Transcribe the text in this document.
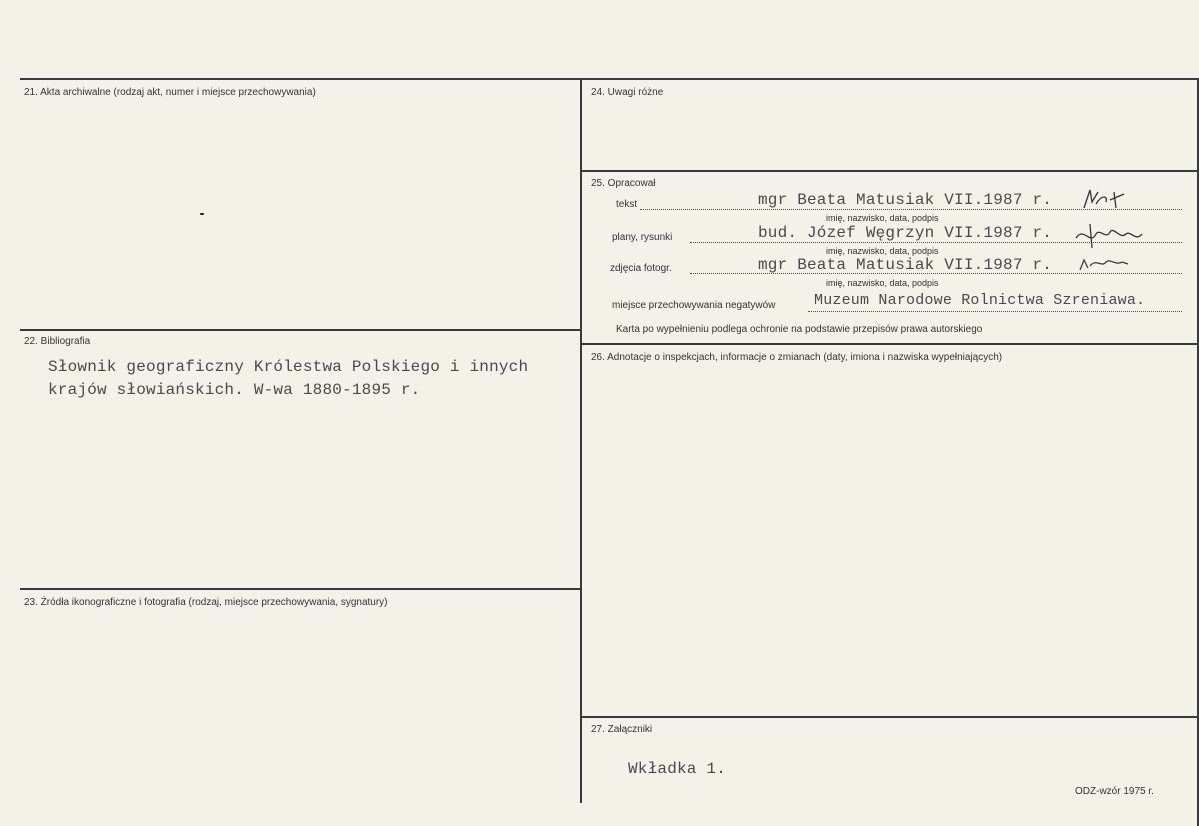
21. Akta archiwalne (rodzaj akt, numer i miejsce przechowywania)
22. Bibliografia
Słownik geograficzny Królestwa Polskiego i innych
krajów słowiańskich. W-wa 1880-1895 r.
23. Źródła ikonograficzne i fotografia (rodzaj, miejsce przechowywania, sygnatury)
24. Uwagi różne
25. Opracował
tekst	mgr Beata Matusiak VII.1987 r.
imię, nazwisko, data, podpis
plany, rysunki	bud. Józef Węgrzyn VII.1987 r.
imię, nazwisko, data, podpis
zdjęcia fotogr.	mgr Beata Matusiak VII.1987 r.
imię, nazwisko, data, podpis
miejsce przechowywania negatywów	Muzeum Narodowe Rolnictwa Szreniawa.
Karta po wypełnieniu podlega ochronie na podstawie przepisów prawa autorskiego
26. Adnotacje o inspekcjach, informacje o zmianach (daty, imiona i nazwiska wypełniających)
27. Załączniki
Wkładka 1.
ODZ-wzór 1975 r.
